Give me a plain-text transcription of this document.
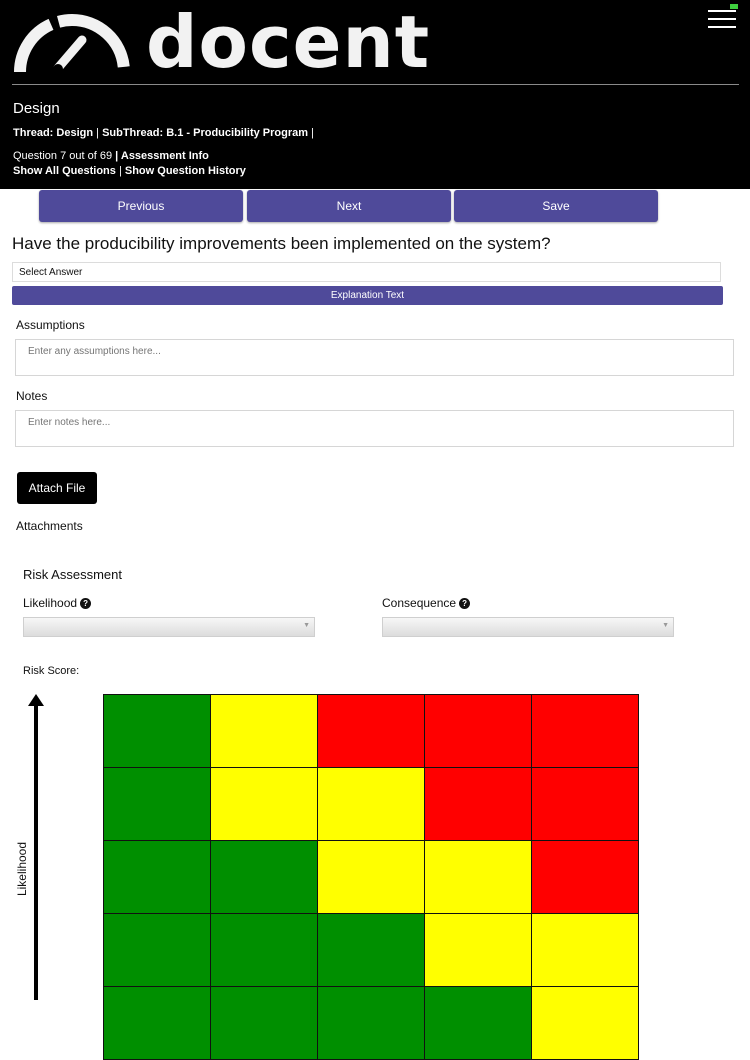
docent
Design
Thread: Design | SubThread: B.1 - Producibility Program |
Question 7 out of 69 | Assessment Info
Show All Questions | Show Question History
Previous	Next	Save
Have the producibility improvements been implemented on the system?
Select Answer
Explanation Text
Assumptions
Enter any assumptions here...
Notes
Enter notes here...
Attach File
Attachments
Risk Assessment
Likelihood ?	Consequence ?
▼	▼
Risk Score:
Likelihood
